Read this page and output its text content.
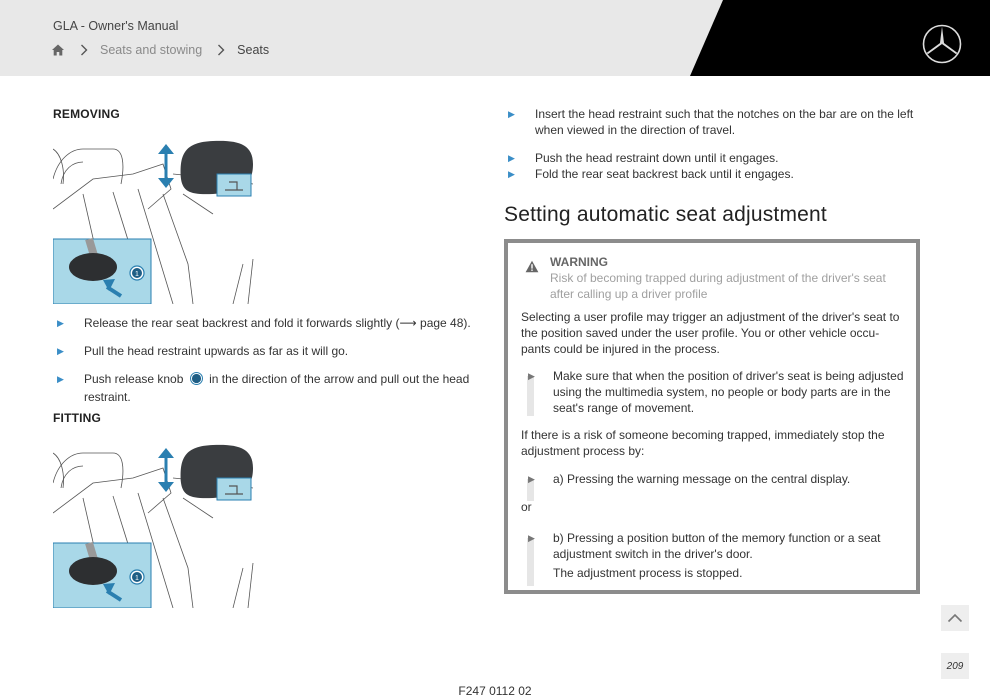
GLA - Owner's Manual
Seats and stowing	Seats
REMOVING
1
▶ Release the rear seat backrest and fold it forwards slightly (⟶ page 48).
▶ Pull the head restraint upwards as far as it will go.
▶ Push release knob in the direction of the arrow and pull out the head restraint.
FITTING
1
▶ Insert the head restraint such that the notches on the bar are on the left when viewed in the direction of travel.
▶ Push the head restraint down until it engages.
▶ Fold the rear seat backrest back until it engages.
Setting automatic seat adjustment
WARNING
Risk of becoming trapped during adjustment of the driver's seat after calling up a driver profile
Selecting a user profile may trigger an adjustment of the driver's seat to the position saved under the user profile. You or other vehicle occu-pants could be injured in the process.
▶ Make sure that when the position of driver's seat is being adjusted using the multimedia system, no people or body parts are in the seat's range of movement.
If there is a risk of someone becoming trapped, immediately stop the adjustment process by:
▶ a) Pressing the warning message on the central display.
or
▶ b) Pressing a position button of the memory function or a seat adjustment switch in the driver's door.
The adjustment process is stopped.
209
F247 0112 02
